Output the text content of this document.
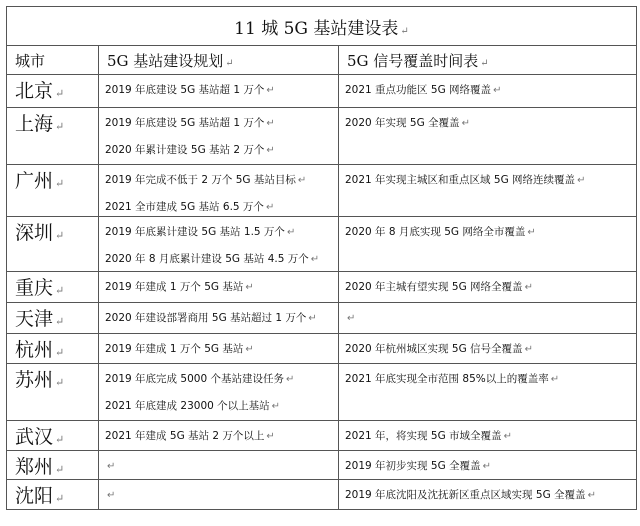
11 城 5G 基站建设表 ↵		
城市	5G 基站建设规划 ↵	5G 信号覆盖时间表 ↵
北京 ↵	2019 年底建设 5G 基站超 1 万个 ↵	2021 重点功能区 5G 网络覆盖 ↵

上海 ↵	2019 年底建设 5G 基站超 1 万个 ↵
2020 年累计建设 5G 基站 2 万个 ↵	2020 年实现 5G 全覆盖 ↵

广州 ↵	2019 年完成不低于 2 万个 5G 基站目标 ↵
2021 全市建成 5G 基站 6.5 万个 ↵	2021 年实现主城区和重点区域 5G 网络连续覆盖 ↵

深圳 ↵	2019 年底累计建设 5G 基站 1.5 万个 ↵
2020 年 8 月底累计建设 5G 基站 4.5 万个 ↵	2020 年 8 月底实现 5G 网络全市覆盖 ↵

重庆 ↵	2019 年建成 1 万个 5G 基站 ↵	2020 年主城有望实现 5G 网络全覆盖 ↵

天津 ↵	2020 年建设部署商用 5G 基站超过 1 万个 ↵	↵

杭州 ↵	2019 年建成 1 万个 5G 基站 ↵	2020 年杭州城区实现 5G 信号全覆盖 ↵

苏州 ↵	2019 年底完成 5000 个基站建设任务 ↵
2021 年底建成 23000 个以上基站 ↵	2021 年底实现全市范围 85%以上的覆盖率 ↵

武汉 ↵	2021 年建成 5G 基站 2 万个以上 ↵	2021 年，将实现 5G 市域全覆盖 ↵

郑州 ↵	↵	2019 年初步实现 5G 全覆盖 ↵

沈阳 ↵	↵	2019 年底沈阳及沈抚新区重点区域实现 5G 全覆盖 ↵
